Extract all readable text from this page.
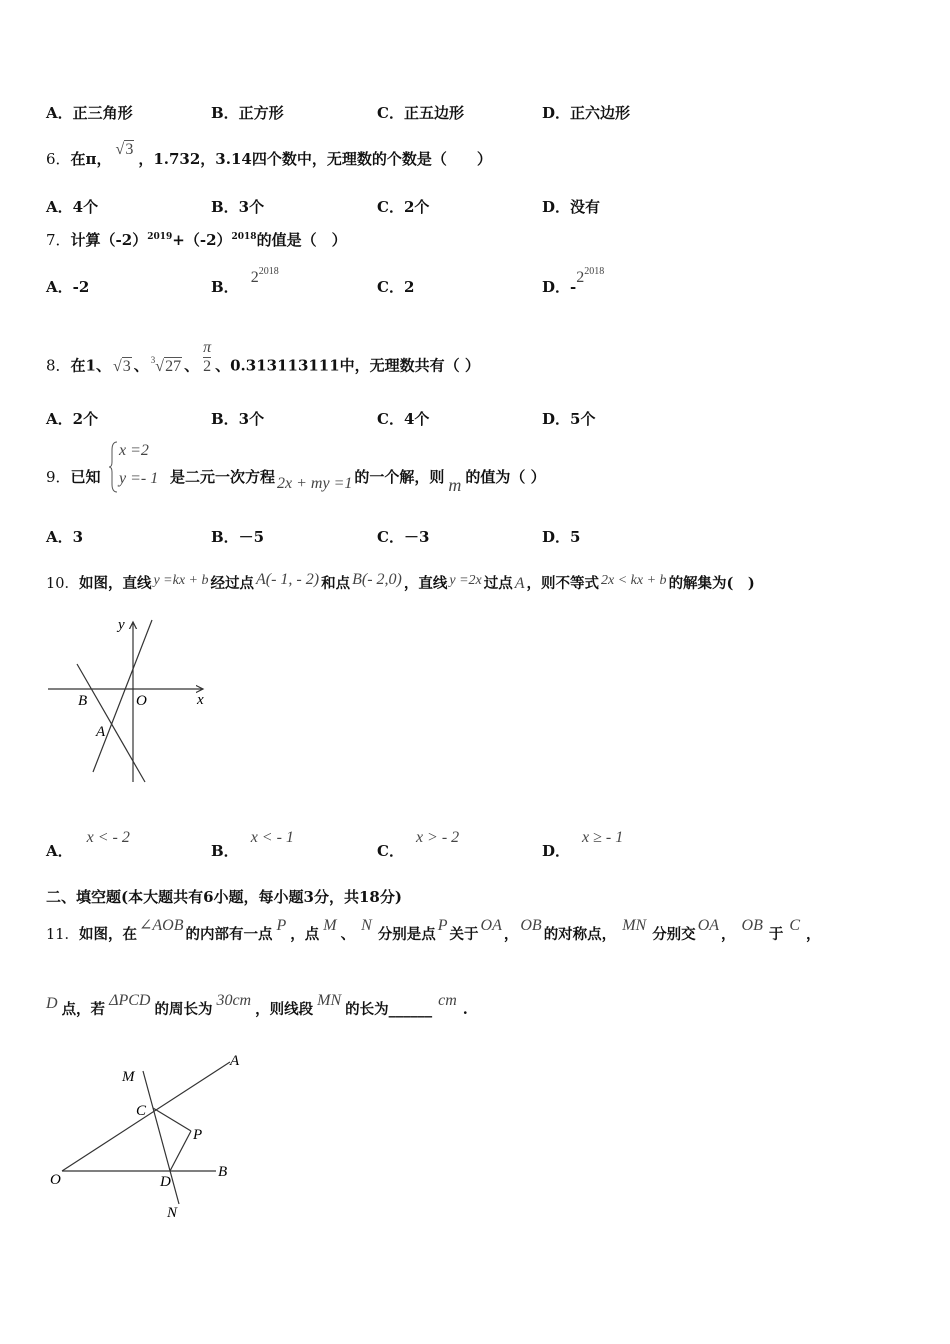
A．正三角形	B．正方形	C．正五边形	D．正六边形
6．在π，√3，1.732，3.14四个数中，无理数的个数是（　　）
A．4个	B．3个	C．2个	D．没有
7．计算$(-2)^{2019}+(-2)^{2018}$的值是（　）
A．-2	B．$2^{2018}$
C．2	D．$-2^{2018}$
8．在1、 √3 、 $^3$√27 、 $\frac{\pi}{2}$ 、0.313113111中，无理数共有（ ）
A．2个	B．3个	C．4个	D．5个
9．已知
x =2
y =- 1 是二元一次方程 2x + my =1 的一个解，则 m 的值为（ ）
A．3	B．－5	C．－3	D．5
10．如图，直线 y =kx + b 经过点 A(- 1, - 2) 和点 B(- 2,0) ，直线 y =2x 过点 A ，则不等式 2x < kx + b 的解集为(　)
y
x
B	O
A
A．x < - 2
B．x < - 1
C．x > - 2
D．x ≥ - 1
二、填空题(本大题共有6小题，每小题3分，共18分)
11．如图，在∠AOB的内部有一点P，点M、N分别是点P关于OA，OB的对称点，MN分别交OA，OB于C，
D 点，若ΔPCD的周长为30cm，则线段MN的长为______cm.
M
A
C
P
O	D
B
N
